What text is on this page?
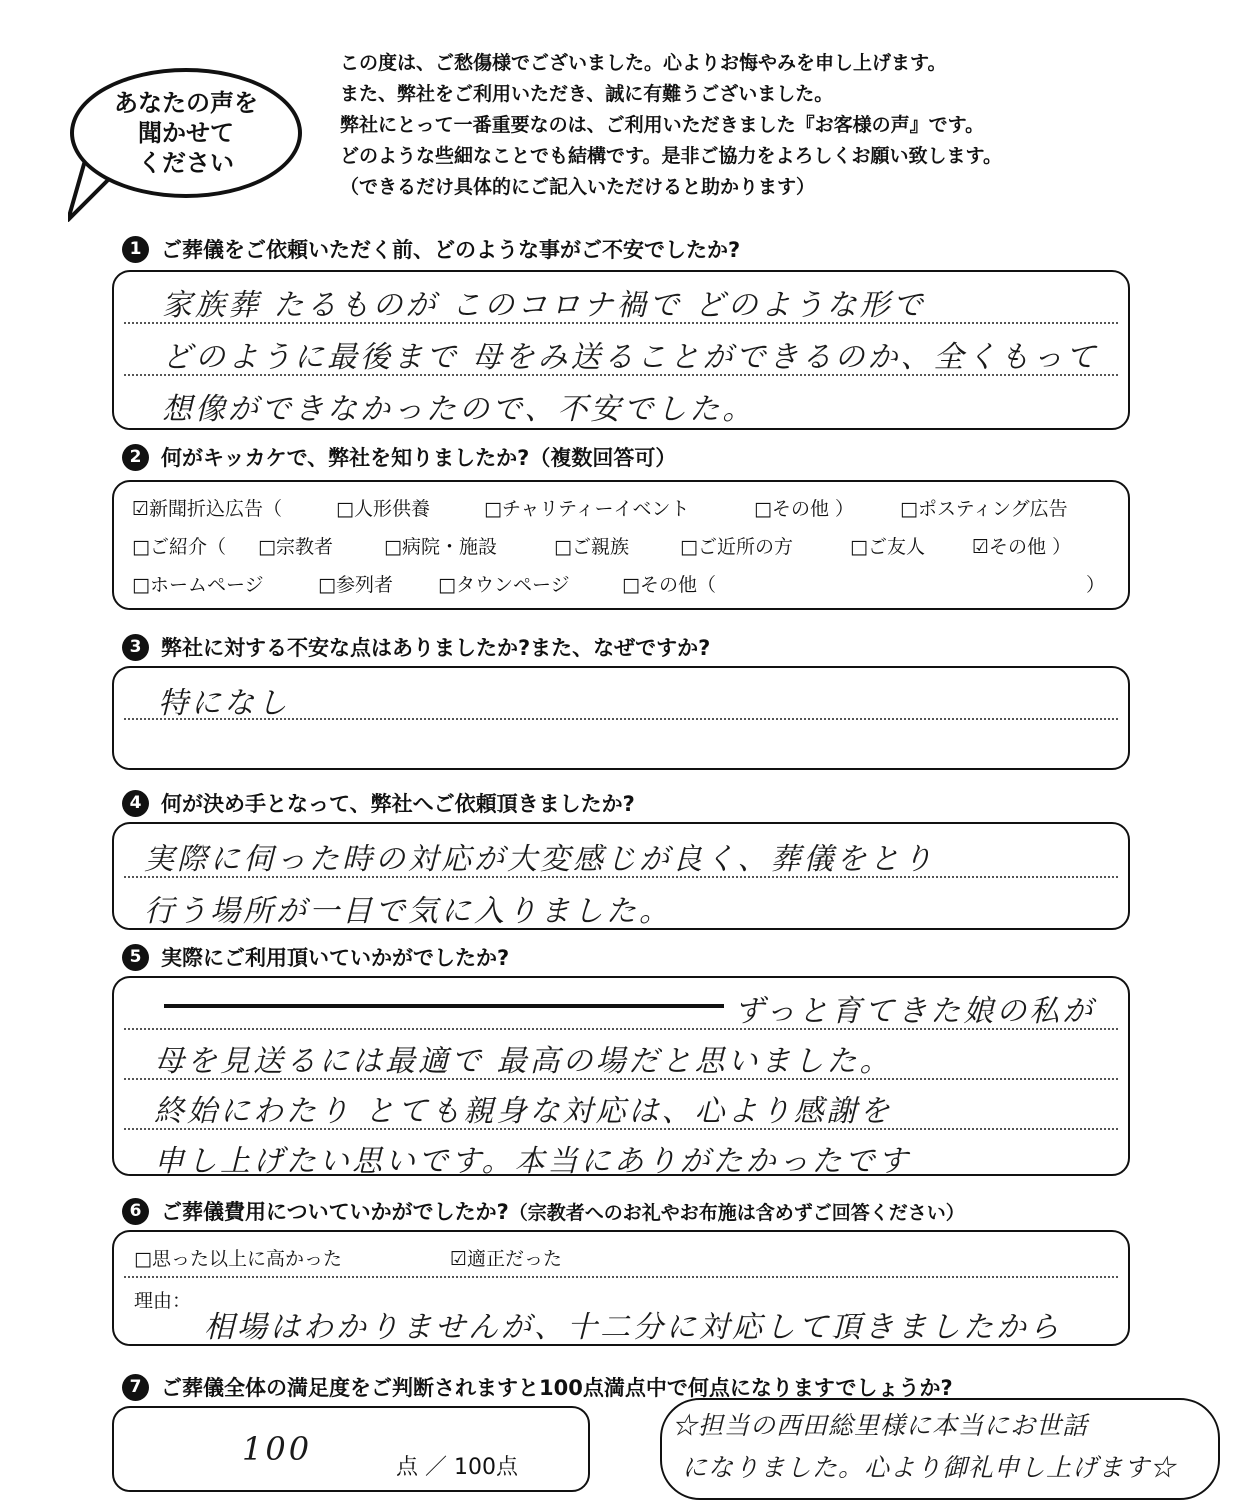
あなたの声を
聞かせて
ください
この度は、ご愁傷様でございました。心よりお悔やみを申し上げます。
また、弊社をご利用いただき、誠に有難うございました。
弊社にとって一番重要なのは、ご利用いただきました『お客様の声』です。
どのような些細なことでも結構です。是非ご協力をよろしくお願い致します。
（できるだけ具体的にご記入いただけると助かります）
1 ご葬儀をご依頼いただく前、どのような事がご不安でしたか?
家族葬 たるものが このコロナ禍で どのような形で
どのように最後まで 母をみ送ることができるのか、全くもって
想像ができなかったので、不安でした。
2 何がキッカケで、弊社を知りましたか?（複数回答可）
☑新聞折込広告（	□人形供養	□チャリティーイベント	□その他 ） □ポスティング広告
□ご紹介（ □宗教者	□病院・施設	□ご親族	□ご近所の方	□ご友人 ☑その他 ）
□ホームページ	□参列者 □タウンページ	□その他（	）
3 弊社に対する不安な点はありましたか?また、なぜですか?
特になし
4 何が決め手となって、弊社へご依頼頂きましたか?
実際に伺った時の対応が大変感じが良く、葬儀をとり
行う場所が一目で気に入りました。
5 実際にご利用頂いていかがでしたか?
ずっと育てきた娘の私が
母を見送るには最適で 最高の場だと思いました。
終始にわたり とても親身な対応は、心より感謝を
申し上げたい思いです。本当にありがたかったです
6 ご葬儀費用についていかがでしたか? （宗教者へのお礼やお布施は含めずご回答ください）
□思った以上に高かった	☑適正だった
理由：
相場はわかりませんが、十二分に対応して頂きましたから
7 ご葬儀全体の満足度をご判断されますと100点満点中で何点になりますでしょうか?
100	点 ／ 100点
☆担当の西田総里様に本当にお世話
になりました。心より御礼申し上げます☆
